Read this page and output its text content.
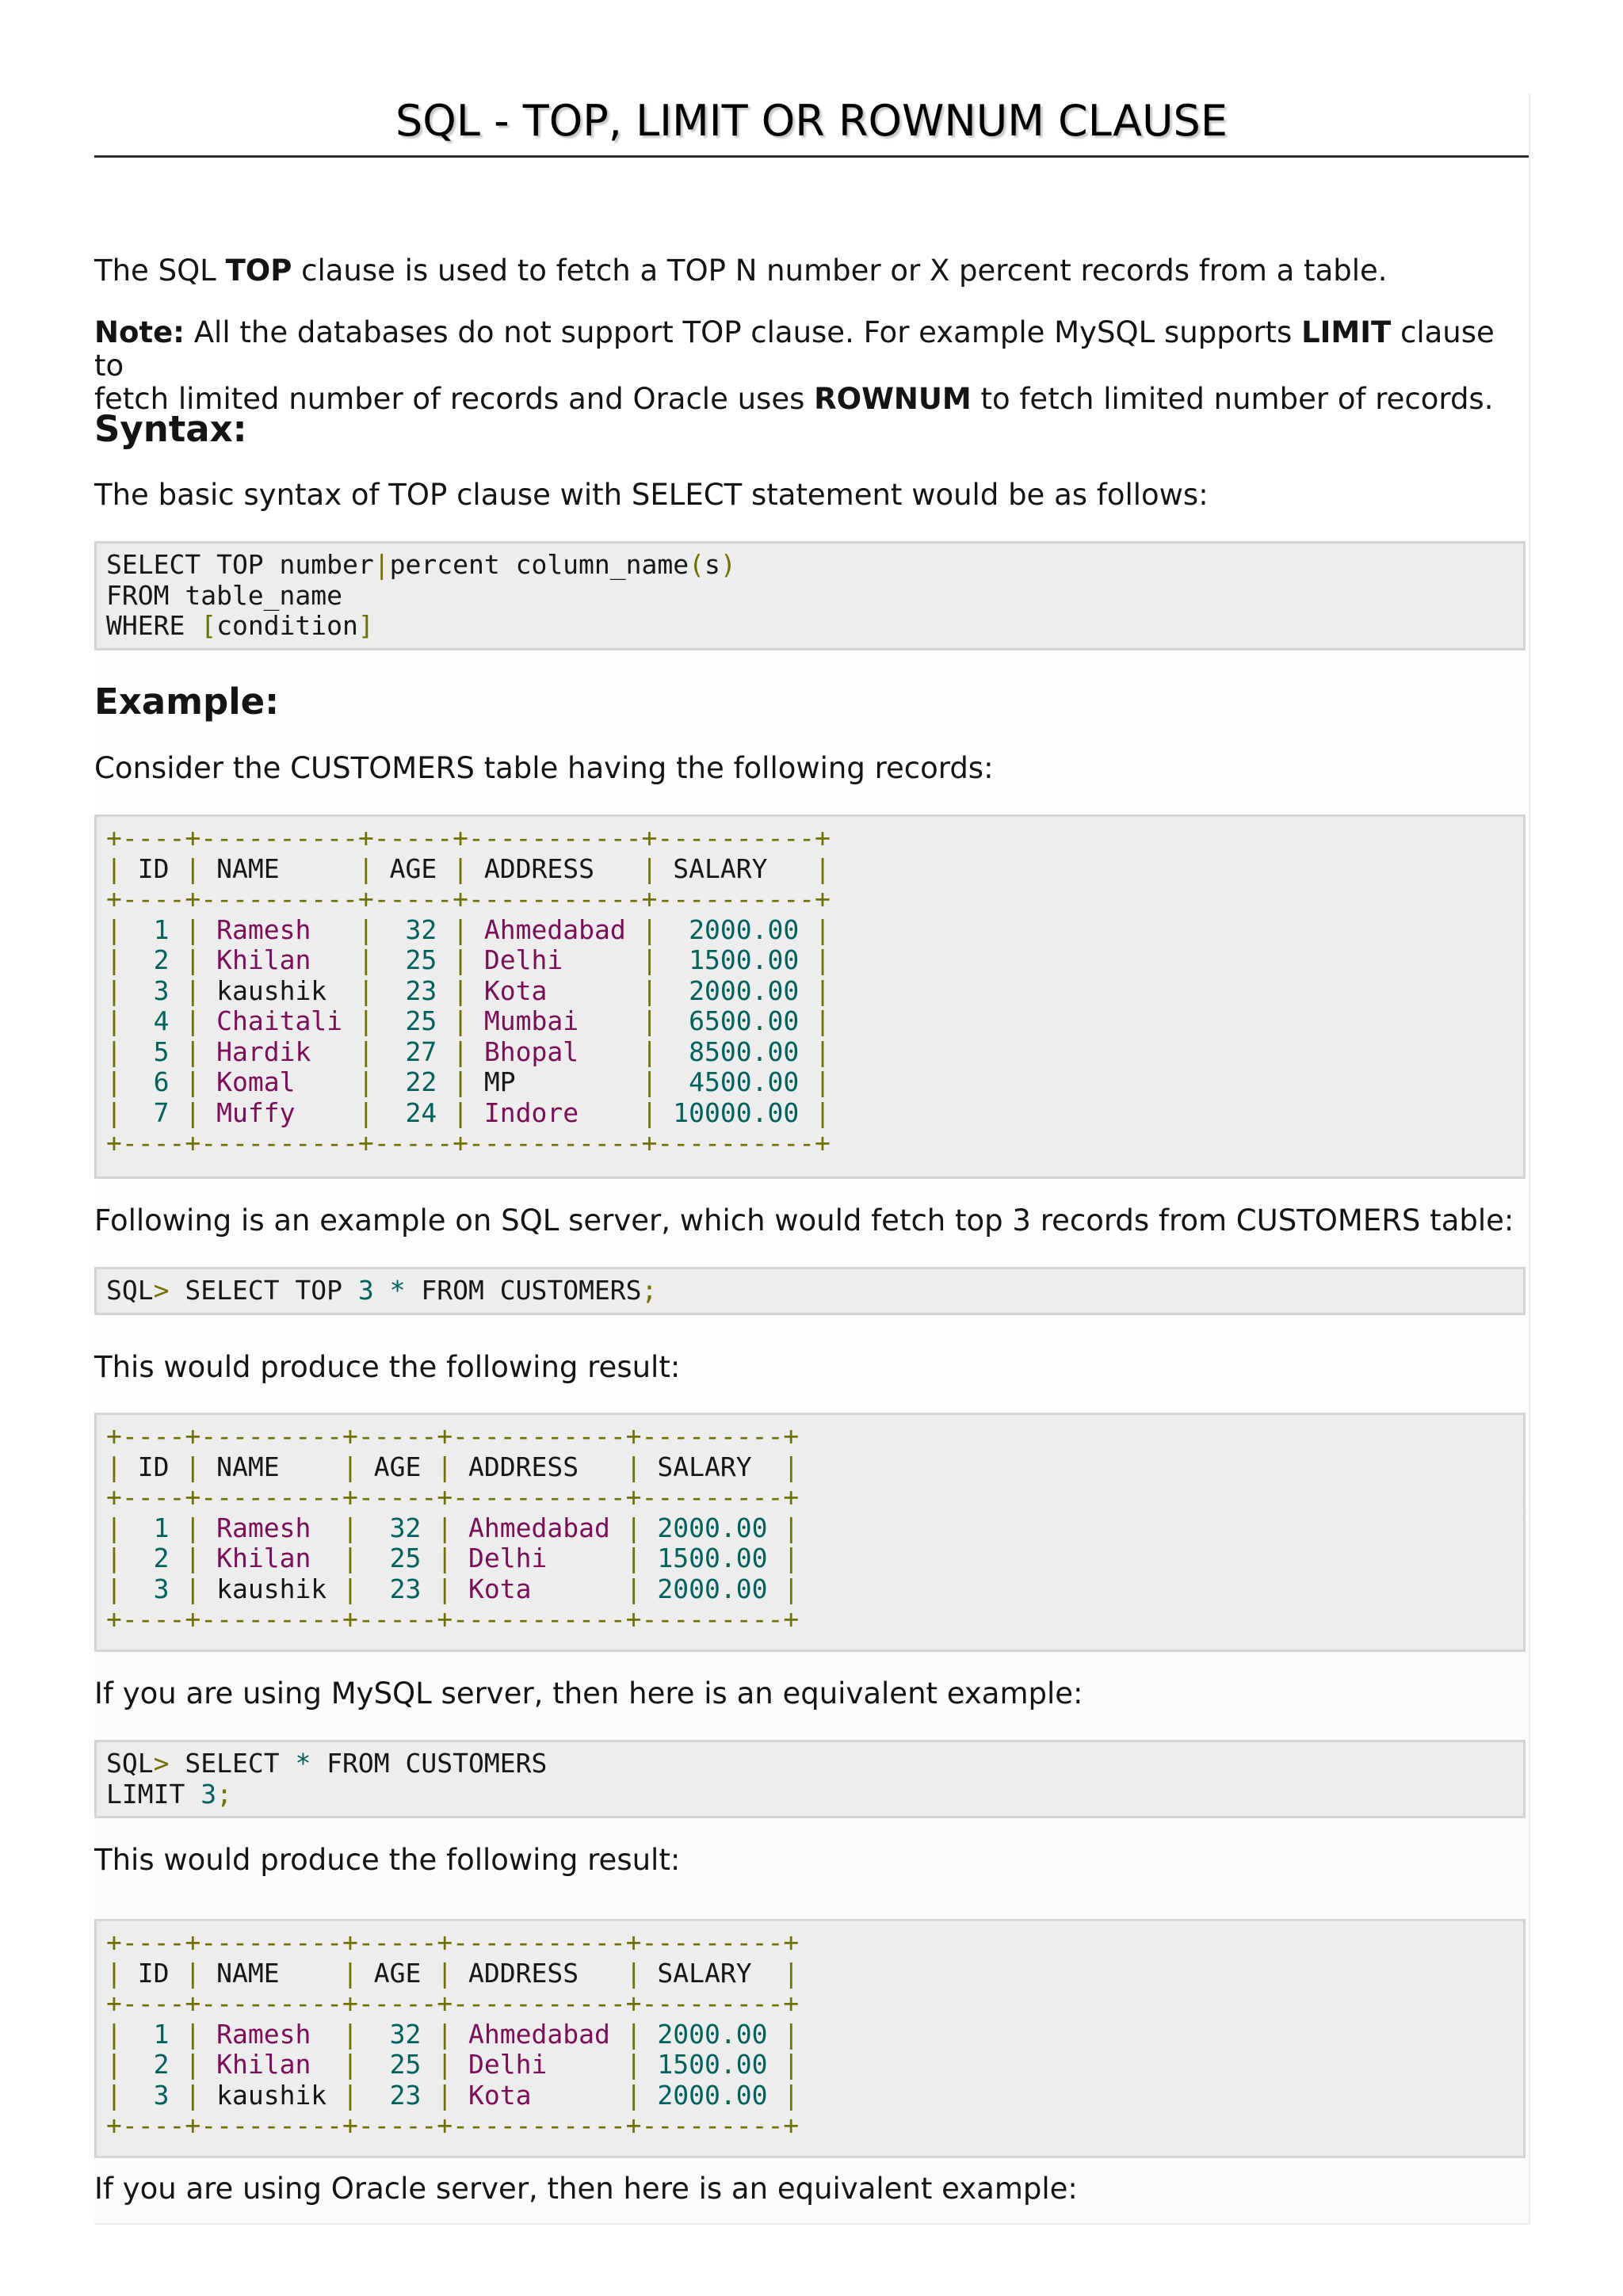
SQL - TOP, LIMIT OR ROWNUM CLAUSE

The SQL TOP clause is used to fetch a TOP N number or X percent records from a table.

Note: All the databases do not support TOP clause. For example MySQL supports LIMIT clause to
fetch limited number of records and Oracle uses ROWNUM to fetch limited number of records.

Syntax:

The basic syntax of TOP clause with SELECT statement would be as follows:

SELECT TOP number|percent column_name(s)
FROM table_name
WHERE [condition]
Example:

Consider the CUSTOMERS table having the following records:

+----+----------+-----+-----------+----------+
| ID | NAME     | AGE | ADDRESS   | SALARY   |
+----+----------+-----+-----------+----------+
|  1 | Ramesh   |  32 | Ahmedabad |  2000.00 |
|  2 | Khilan   |  25 | Delhi     |  1500.00 |
|  3 | kaushik  |  23 | Kota      |  2000.00 |
|  4 | Chaitali |  25 | Mumbai    |  6500.00 |
|  5 | Hardik   |  27 | Bhopal    |  8500.00 |
|  6 | Komal    |  22 | MP        |  4500.00 |
|  7 | Muffy    |  24 | Indore    | 10000.00 |
+----+----------+-----+-----------+----------+

Following is an example on SQL server, which would fetch top 3 records from CUSTOMERS table:

SQL> SELECT TOP 3 * FROM CUSTOMERS;

This would produce the following result:

+----+---------+-----+-----------+---------+
| ID | NAME    | AGE | ADDRESS   | SALARY  |
+----+---------+-----+-----------+---------+
|  1 | Ramesh  |  32 | Ahmedabad | 2000.00 |
|  2 | Khilan  |  25 | Delhi     | 1500.00 |
|  3 | kaushik |  23 | Kota      | 2000.00 |
+----+---------+-----+-----------+---------+

If you are using MySQL server, then here is an equivalent example:

SQL> SELECT * FROM CUSTOMERS
LIMIT 3;

This would produce the following result:

+----+---------+-----+-----------+---------+
| ID | NAME    | AGE | ADDRESS   | SALARY  |
+----+---------+-----+-----------+---------+
|  1 | Ramesh  |  32 | Ahmedabad | 2000.00 |
|  2 | Khilan  |  25 | Delhi     | 1500.00 |
|  3 | kaushik |  23 | Kota      | 2000.00 |
+----+---------+-----+-----------+---------+

If you are using Oracle server, then here is an equivalent example:
